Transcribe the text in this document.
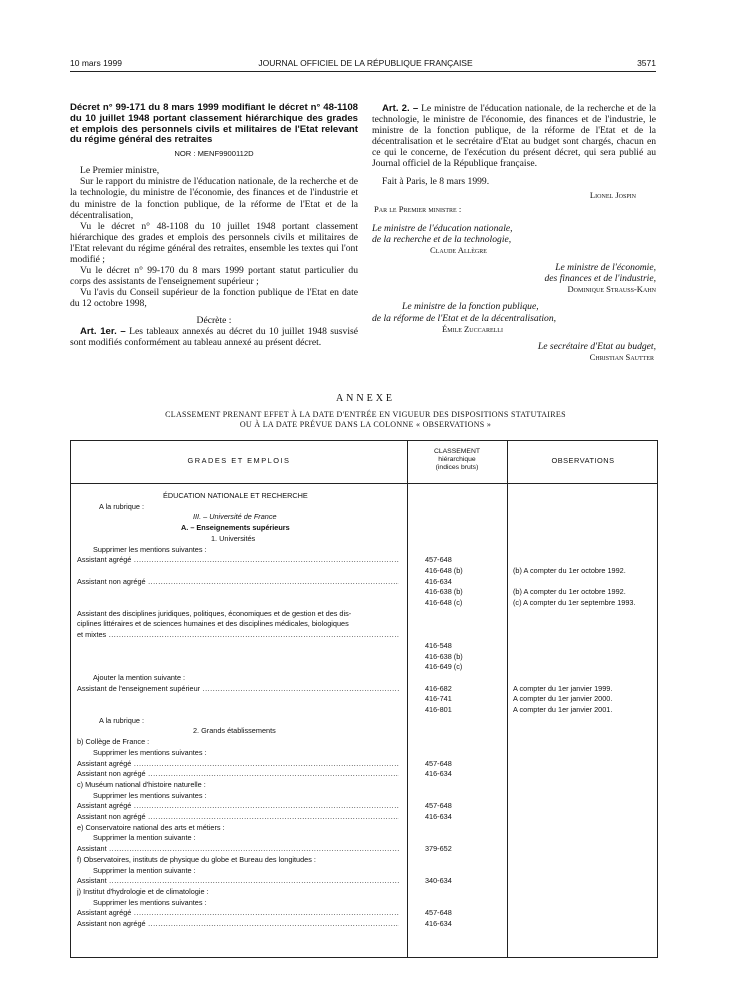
10 mars 1999	JOURNAL OFFICIEL DE LA RÉPUBLIQUE FRANÇAISE	3571

Décret n° 99-171 du 8 mars 1999 modifiant le décret n° 48-1108 du 10 juillet 1948 portant classement hiérarchique des grades et emplois des personnels civils et militaires de l'Etat relevant du régime général des retraites

NOR : MENF9900112D

Le Premier ministre,

Sur le rapport du ministre de l'éducation nationale, de la recherche et de la technologie, du ministre de l'économie, des finances et de l'industrie et du ministre de la fonction publique, de la réforme de l'Etat et de la décentralisation,

Vu le décret n° 48-1108 du 10 juillet 1948 portant classement hiérarchique des grades et emplois des personnels civils et militaires de l'Etat relevant du régime général des retraites, ensemble les textes qui l'ont modifié ;

Vu le décret n° 99-170 du 8 mars 1999 portant statut particulier du corps des assistants de l'enseignement supérieur ;

Vu l'avis du Conseil supérieur de la fonction publique de l'Etat en date du 12 octobre 1998,

Décrète :

Art. 1er. – Les tableaux annexés au décret du 10 juillet 1948 susvisé sont modifiés conformément au tableau annexé au présent décret.

Art. 2. – Le ministre de l'éducation nationale, de la recherche et de la technologie, le ministre de l'économie, des finances et de l'industrie, le ministre de la fonction publique, de la réforme de l'Etat et de la décentralisation et le secrétaire d'Etat au budget sont chargés, chacun en ce qui le concerne, de l'exécution du présent décret, qui sera publié au Journal officiel de la République française.

Fait à Paris, le 8 mars 1999.

Lionel Jospin

Par le Premier ministre :

Le ministre de l'éducation nationale,

de la recherche et de la technologie,

Claude Allègre

Le ministre de l'économie,

des finances et de l'industrie,

Dominique Strauss-Kahn

Le ministre de la fonction publique,

de la réforme de l'Etat et de la décentralisation,

Émile Zuccarelli

Le secrétaire d'Etat au budget,

Christian Sautter

ANNEXE
CLASSEMENT PRENANT EFFET À LA DATE D'ENTRÉE EN VIGUEUR DES DISPOSITIONS STATUTAIRES
OU À LA DATE PRÉVUE DANS LA COLONNE « OBSERVATIONS »
GRADES ET EMPLOIS
CLASSEMENT
hiérarchique
(indices bruts)
OBSERVATIONS
ÉDUCATION NATIONALE ET RECHERCHE
A la rubrique :
III. – Université de France
A. – Enseignements supérieurs
1. Universités
Supprimer les mentions suivantes :
Assistant agrégé .....	457-648
416-648 (b)	(b) A compter du 1er octobre 1992.
Assistant non agrégé .....	416-634
416-638 (b)	(b) A compter du 1er octobre 1992.
416-648 (c)	(c) A compter du 1er septembre 1993.
Assistant des disciplines juridiques, politiques, économiques et de gestion et des dis-
ciplines littéraires et de sciences humaines et des disciplines médicales, biologiques
et mixtes .....
416-548
416-638 (b)
416-649 (c)
Ajouter la mention suivante :
Assistant de l'enseignement supérieur .....	416-682	A compter du 1er janvier 1999.
416-741	A compter du 1er janvier 2000.
416-801	A compter du 1er janvier 2001.
A la rubrique :
2. Grands établissements
b) Collège de France :
Supprimer les mentions suivantes :
Assistant agrégé .....	457-648
Assistant non agrégé .....	416-634
c) Muséum national d'histoire naturelle :
Supprimer les mentions suivantes :
Assistant agrégé .....	457-648
Assistant non agrégé .....	416-634
e) Conservatoire national des arts et métiers :
Supprimer la mention suivante :
Assistant .....	379-652
f) Observatoires, instituts de physique du globe et Bureau des longitudes :
Supprimer la mention suivante :
Assistant .....	340-634
j) Institut d'hydrologie et de climatologie :
Supprimer les mentions suivantes :
Assistant agrégé .....	457-648
Assistant non agrégé .....	416-634
